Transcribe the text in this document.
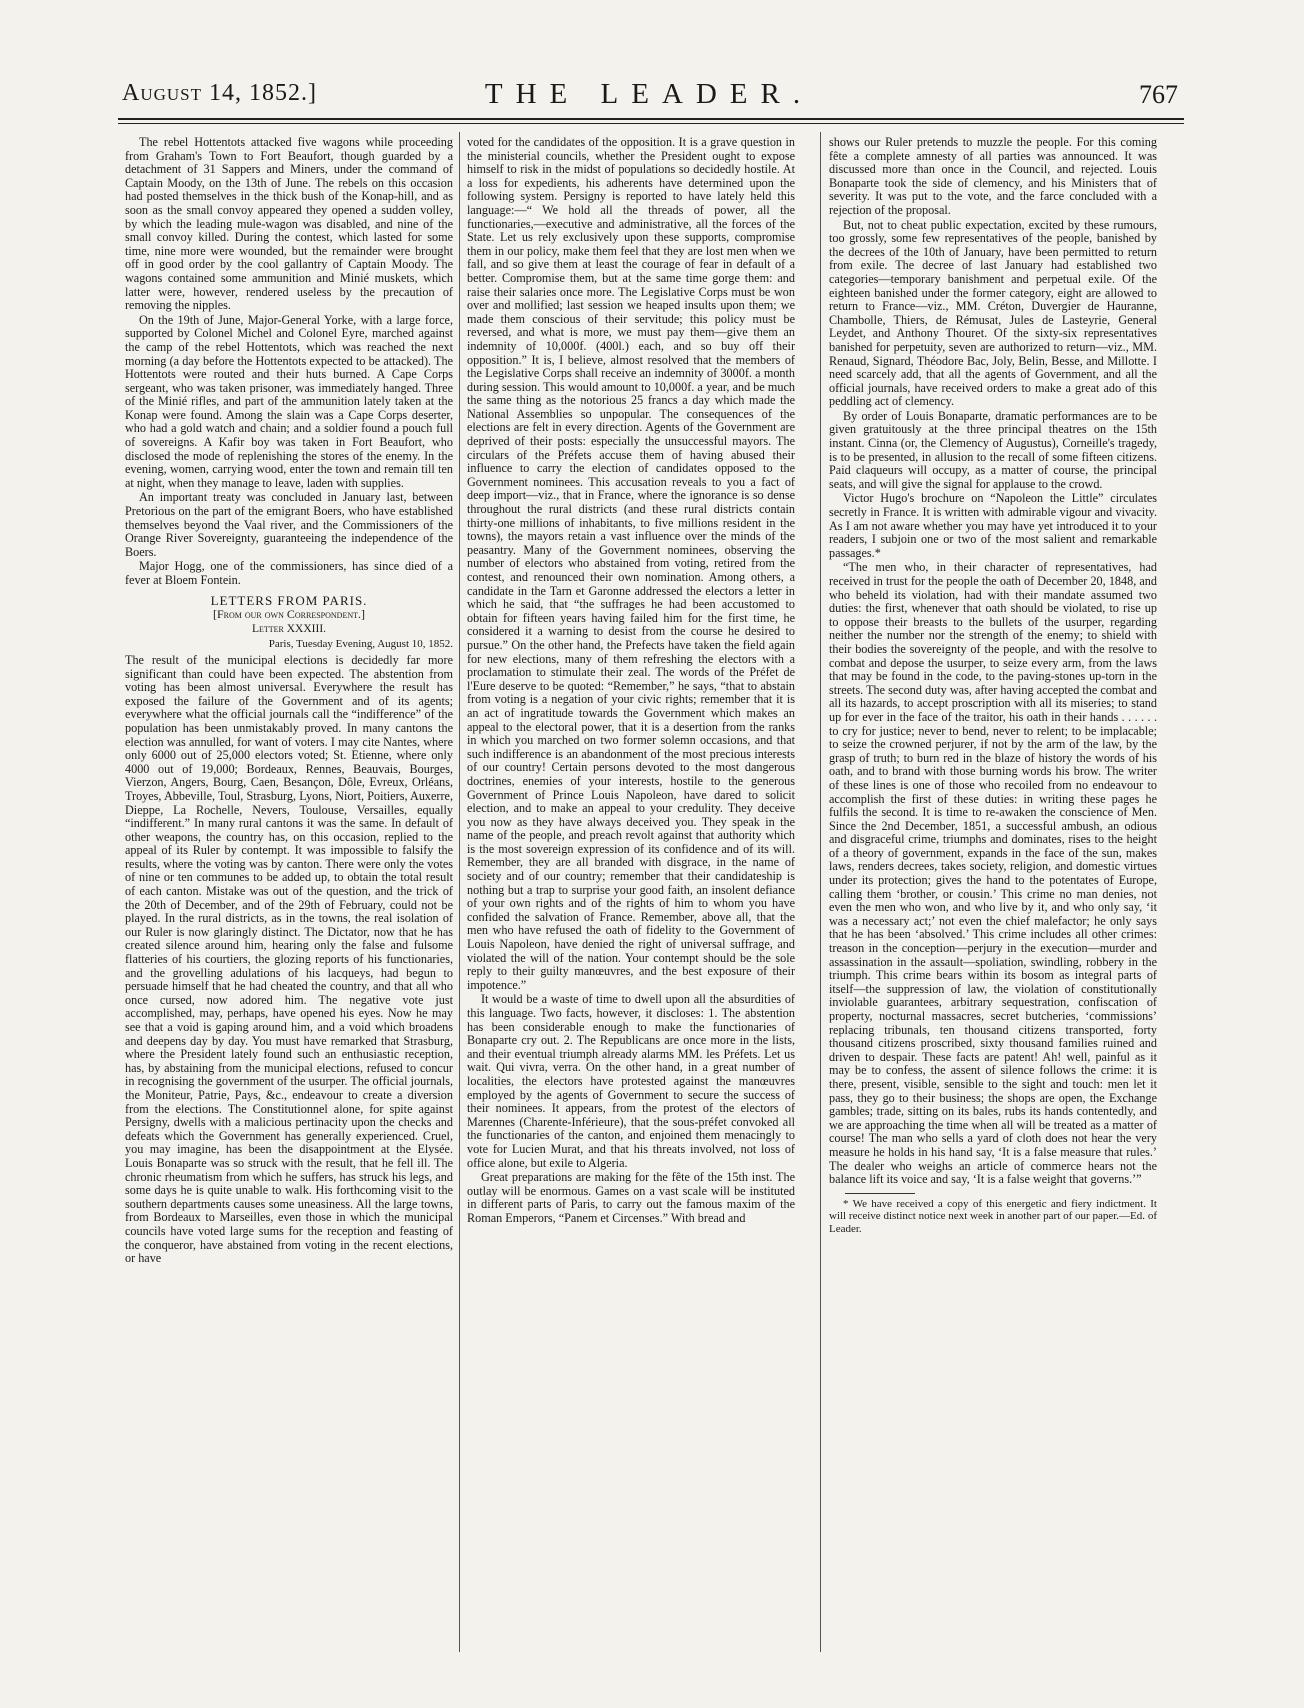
August 14, 1852.]	THE LEADER.	767

The rebel Hottentots attacked five wagons while proceeding from Graham's Town to Fort Beaufort, though guarded by a detachment of 31 Sappers and Miners, under the command of Captain Moody, on the 13th of June. The rebels on this occasion had posted themselves in the thick bush of the Konap-hill, and as soon as the small convoy appeared they opened a sudden volley, by which the leading mule-wagon was disabled, and nine of the small convoy killed. During the contest, which lasted for some time, nine more were wounded, but the remainder were brought off in good order by the cool gallantry of Captain Moody. The wagons contained some ammunition and Minié muskets, which latter were, however, rendered useless by the precaution of removing the nipples.

On the 19th of June, Major-General Yorke, with a large force, supported by Colonel Michel and Colonel Eyre, marched against the camp of the rebel Hottentots, which was reached the next morning (a day before the Hottentots expected to be attacked). The Hottentots were routed and their huts burned. A Cape Corps sergeant, who was taken prisoner, was immediately hanged. Three of the Minié rifles, and part of the ammunition lately taken at the Konap were found. Among the slain was a Cape Corps deserter, who had a gold watch and chain; and a soldier found a pouch full of sovereigns. A Kafir boy was taken in Fort Beaufort, who disclosed the mode of replenishing the stores of the enemy. In the evening, women, carrying wood, enter the town and remain till ten at night, when they manage to leave, laden with supplies.

An important treaty was concluded in January last, between Pretorious on the part of the emigrant Boers, who have established themselves beyond the Vaal river, and the Commissioners of the Orange River Sovereignty, guaranteeing the independence of the Boers.

Major Hogg, one of the commissioners, has since died of a fever at Bloem Fontein.

LETTERS FROM PARIS.
[From our own Correspondent.]
Letter XXXIII.
Paris, Tuesday Evening, August 10, 1852.

The result of the municipal elections is decidedly far more significant than could have been expected. The abstention from voting has been almost universal. Everywhere the result has exposed the failure of the Government and of its agents; everywhere what the official journals call the “indifference” of the population has been unmistakably proved. In many cantons the election was annulled, for want of voters. I may cite Nantes, where only 6000 out of 25,000 electors voted; St. Etienne, where only 4000 out of 19,000; Bordeaux, Rennes, Beauvais, Bourges, Vierzon, Angers, Bourg, Caen, Besançon, Dôle, Evreux, Orléans, Troyes, Abbeville, Toul, Strasburg, Lyons, Niort, Poitiers, Auxerre, Dieppe, La Rochelle, Nevers, Toulouse, Versailles, equally “indifferent.” In many rural cantons it was the same. In default of other weapons, the country has, on this occasion, replied to the appeal of its Ruler by contempt. It was impossible to falsify the results, where the voting was by canton. There were only the votes of nine or ten communes to be added up, to obtain the total result of each canton. Mistake was out of the question, and the trick of the 20th of December, and of the 29th of February, could not be played. In the rural districts, as in the towns, the real isolation of our Ruler is now glaringly distinct. The Dictator, now that he has created silence around him, hearing only the false and fulsome flatteries of his courtiers, the glozing reports of his functionaries, and the grovelling adulations of his lacqueys, had begun to persuade himself that he had cheated the country, and that all who once cursed, now adored him. The negative vote just accomplished, may, perhaps, have opened his eyes. Now he may see that a void is gaping around him, and a void which broadens and deepens day by day. You must have remarked that Strasburg, where the President lately found such an enthusiastic reception, has, by abstaining from the municipal elections, refused to concur in recognising the government of the usurper. The official journals, the Moniteur, Patrie, Pays, &c., endeavour to create a diversion from the elections. The Constitutionnel alone, for spite against Persigny, dwells with a malicious pertinacity upon the checks and defeats which the Government has generally experienced. Cruel, you may imagine, has been the disappointment at the Elysée. Louis Bonaparte was so struck with the result, that he fell ill. The chronic rheumatism from which he suffers, has struck his legs, and some days he is quite unable to walk. His forthcoming visit to the southern departments causes some uneasiness. All the large towns, from Bordeaux to Marseilles, even those in which the municipal councils have voted large sums for the reception and feasting of the conqueror, have abstained from voting in the recent elections, or have

voted for the candidates of the opposition. It is a grave question in the ministerial councils, whether the President ought to expose himself to risk in the midst of populations so decidedly hostile. At a loss for expedients, his adherents have determined upon the following system. Persigny is reported to have lately held this language:—“ We hold all the threads of power, all the functionaries,—executive and administrative, all the forces of the State. Let us rely exclusively upon these supports, compromise them in our policy, make them feel that they are lost men when we fall, and so give them at least the courage of fear in default of a better. Compromise them, but at the same time gorge them: and raise their salaries once more. The Legislative Corps must be won over and mollified; last session we heaped insults upon them; we made them conscious of their servitude; this policy must be reversed, and what is more, we must pay them—give them an indemnity of 10,000f. (400l.) each, and so buy off their opposition.” It is, I believe, almost resolved that the members of the Legislative Corps shall receive an indemnity of 3000f. a month during session. This would amount to 10,000f. a year, and be much the same thing as the notorious 25 francs a day which made the National Assemblies so unpopular. The consequences of the elections are felt in every direction. Agents of the Government are deprived of their posts: especially the unsuccessful mayors. The circulars of the Préfets accuse them of having abused their influence to carry the election of candidates opposed to the Government nominees. This accusation reveals to you a fact of deep import—viz., that in France, where the ignorance is so dense throughout the rural districts (and these rural districts contain thirty-one millions of inhabitants, to five millions resident in the towns), the mayors retain a vast influence over the minds of the peasantry. Many of the Government nominees, observing the number of electors who abstained from voting, retired from the contest, and renounced their own nomination. Among others, a candidate in the Tarn et Garonne addressed the electors a letter in which he said, that “the suffrages he had been accustomed to obtain for fifteen years having failed him for the first time, he considered it a warning to desist from the course he desired to pursue.” On the other hand, the Prefects have taken the field again for new elections, many of them refreshing the electors with a proclamation to stimulate their zeal. The words of the Préfet de l'Eure deserve to be quoted: “Remember,” he says, “that to abstain from voting is a negation of your civic rights; remember that it is an act of ingratitude towards the Government which makes an appeal to the electoral power, that it is a desertion from the ranks in which you marched on two former solemn occasions, and that such indifference is an abandonment of the most precious interests of our country! Certain persons devoted to the most dangerous doctrines, enemies of your interests, hostile to the generous Government of Prince Louis Napoleon, have dared to solicit election, and to make an appeal to your credulity. They deceive you now as they have always deceived you. They speak in the name of the people, and preach revolt against that authority which is the most sovereign expression of its confidence and of its will. Remember, they are all branded with disgrace, in the name of society and of our country; remember that their candidateship is nothing but a trap to surprise your good faith, an insolent defiance of your own rights and of the rights of him to whom you have confided the salvation of France. Remember, above all, that the men who have refused the oath of fidelity to the Government of Louis Napoleon, have denied the right of universal suffrage, and violated the will of the nation. Your contempt should be the sole reply to their guilty manœuvres, and the best exposure of their impotence.”

It would be a waste of time to dwell upon all the absurdities of this language. Two facts, however, it discloses: 1. The abstention has been considerable enough to make the functionaries of Bonaparte cry out. 2. The Republicans are once more in the lists, and their eventual triumph already alarms MM. les Préfets. Let us wait. Qui vivra, verra. On the other hand, in a great number of localities, the electors have protested against the manœuvres employed by the agents of Government to secure the success of their nominees. It appears, from the protest of the electors of Marennes (Charente-Inférieure), that the sous-préfet convoked all the functionaries of the canton, and enjoined them menacingly to vote for Lucien Murat, and that his threats involved, not loss of office alone, but exile to Algeria.

Great preparations are making for the fête of the 15th inst. The outlay will be enormous. Games on a vast scale will be instituted in different parts of Paris, to carry out the famous maxim of the Roman Emperors, “Panem et Circenses.” With bread and

shows our Ruler pretends to muzzle the people. For this coming fête a complete amnesty of all parties was announced. It was discussed more than once in the Council, and rejected. Louis Bonaparte took the side of clemency, and his Ministers that of severity. It was put to the vote, and the farce concluded with a rejection of the proposal.

But, not to cheat public expectation, excited by these rumours, too grossly, some few representatives of the people, banished by the decrees of the 10th of January, have been permitted to return from exile. The decree of last January had established two categories—temporary banishment and perpetual exile. Of the eighteen banished under the former category, eight are allowed to return to France—viz., MM. Créton, Duvergier de Hauranne, Chambolle, Thiers, de Rémusat, Jules de Lasteyrie, General Leydet, and Anthony Thouret. Of the sixty-six representatives banished for perpetuity, seven are authorized to return—viz., MM. Renaud, Signard, Théodore Bac, Joly, Belin, Besse, and Millotte. I need scarcely add, that all the agents of Government, and all the official journals, have received orders to make a great ado of this peddling act of clemency.

By order of Louis Bonaparte, dramatic performances are to be given gratuitously at the three principal theatres on the 15th instant. Cinna (or, the Clemency of Augustus), Corneille's tragedy, is to be presented, in allusion to the recall of some fifteen citizens. Paid claqueurs will occupy, as a matter of course, the principal seats, and will give the signal for applause to the crowd.

Victor Hugo's brochure on “Napoleon the Little” circulates secretly in France. It is written with admirable vigour and vivacity. As I am not aware whether you may have yet introduced it to your readers, I subjoin one or two of the most salient and remarkable passages.*

“The men who, in their character of representatives, had received in trust for the people the oath of December 20, 1848, and who beheld its violation, had with their mandate assumed two duties: the first, whenever that oath should be violated, to rise up to oppose their breasts to the bullets of the usurper, regarding neither the number nor the strength of the enemy; to shield with their bodies the sovereignty of the people, and with the resolve to combat and depose the usurper, to seize every arm, from the laws that may be found in the code, to the paving-stones up-torn in the streets. The second duty was, after having accepted the combat and all its hazards, to accept proscription with all its miseries; to stand up for ever in the face of the traitor, his oath in their hands . . . . . . to cry for justice; never to bend, never to relent; to be implacable; to seize the crowned perjurer, if not by the arm of the law, by the grasp of truth; to burn red in the blaze of history the words of his oath, and to brand with those burning words his brow. The writer of these lines is one of those who recoiled from no endeavour to accomplish the first of these duties: in writing these pages he fulfils the second. It is time to re-awaken the conscience of Men. Since the 2nd December, 1851, a successful ambush, an odious and disgraceful crime, triumphs and dominates, rises to the height of a theory of government, expands in the face of the sun, makes laws, renders decrees, takes society, religion, and domestic virtues under its protection; gives the hand to the potentates of Europe, calling them ‘brother, or cousin.’ This crime no man denies, not even the men who won, and who live by it, and who only say, ‘it was a necessary act;’ not even the chief malefactor; he only says that he has been ‘absolved.’ This crime includes all other crimes: treason in the conception—perjury in the execution—murder and assassination in the assault—spoliation, swindling, robbery in the triumph. This crime bears within its bosom as integral parts of itself—the suppression of law, the violation of constitutionally inviolable guarantees, arbitrary sequestration, confiscation of property, nocturnal massacres, secret butcheries, ‘commissions’ replacing tribunals, ten thousand citizens transported, forty thousand citizens proscribed, sixty thousand families ruined and driven to despair. These facts are patent! Ah! well, painful as it may be to confess, the assent of silence follows the crime: it is there, present, visible, sensible to the sight and touch: men let it pass, they go to their business; the shops are open, the Exchange gambles; trade, sitting on its bales, rubs its hands contentedly, and we are approaching the time when all will be treated as a matter of course! The man who sells a yard of cloth does not hear the very measure he holds in his hand say, ‘It is a false measure that rules.’ The dealer who weighs an article of commerce hears not the balance lift its voice and say, ‘It is a false weight that governs.’”

* We have received a copy of this energetic and fiery indictment. It will receive distinct notice next week in another part of our paper.—Ed. of Leader.
